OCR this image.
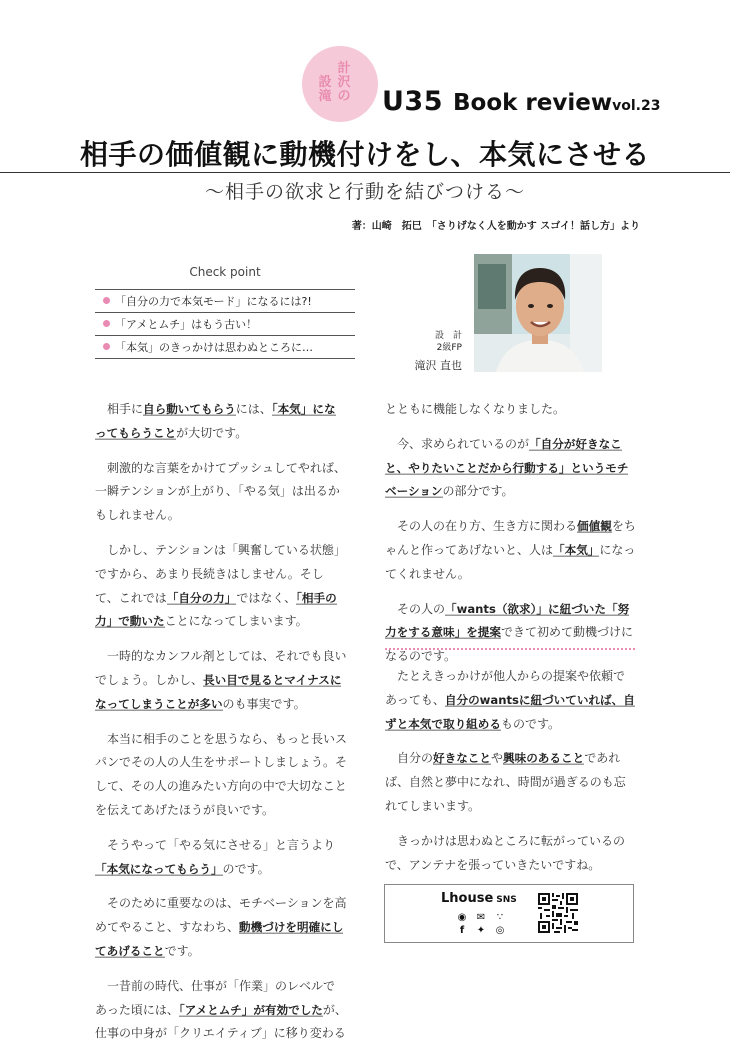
計沢の
設滝 U35 Book reviewvol.23
相手の価値観に動機付けをし、本気にさせる
～相手の欲求と行動を結びつける～
著：山崎　拓巳　「さりげなく人を動かす スゴイ！話し方」より
Check point
「自分の力で本気モード」になるには?!
「アメとムチ」はもう古い！
「本気」のきっかけは思わぬところに…
設　計
2級FP
滝沢 直也

相手に自ら動いてもらうには、「本気」になってもらうことが大切です。

刺激的な言葉をかけてプッシュしてやれば、一瞬テンションが上がり、「やる気」は出るかもしれません。

しかし、テンションは「興奮している状態」ですから、あまり長続きはしません。そして、これでは「自分の力」ではなく、「相手の力」で動いたことになってしまいます。

一時的なカンフル剤としては、それでも良いでしょう。しかし、長い目で見るとマイナスになってしまうことが多いのも事実です。

本当に相手のことを思うなら、もっと長いスパンでその人の人生をサポートしましょう。そして、その人の進みたい方向の中で大切なことを伝えてあげたほうが良いです。

そうやって「やる気にさせる」と言うより「本気になってもらう」のです。

そのために重要なのは、モチベーションを高めてやること、すなわち、動機づけを明確にしてあげることです。

一昔前の時代、仕事が「作業」のレベルであった頃には、「アメとムチ」が有効でしたが、仕事の中身が「クリエイティブ」に移り変わる

とともに機能しなくなりました。

今、求められているのが「自分が好きなこと、やりたいことだから行動する」というモチベーションの部分です。

その人の在り方、生き方に関わる価値観をちゃんと作ってあげないと、人は「本気」になってくれません。

その人の「wants（欲求）」に紐づいた「努力をする意味」を提案できて初めて動機づけになるのです。

たとえきっかけが他人からの提案や依頼であっても、自分のwantsに紐づいていれば、自ずと本気で取り組めるものです。

自分の好きなことや興味のあることであれば、自然と夢中になれ、時間が過ぎるのも忘れてしまいます。

きっかけは思わぬところに転がっているので、アンテナを張っていきたいですね。

Lhouse SNS
◉ ✉	∵
f	✦ ◎
